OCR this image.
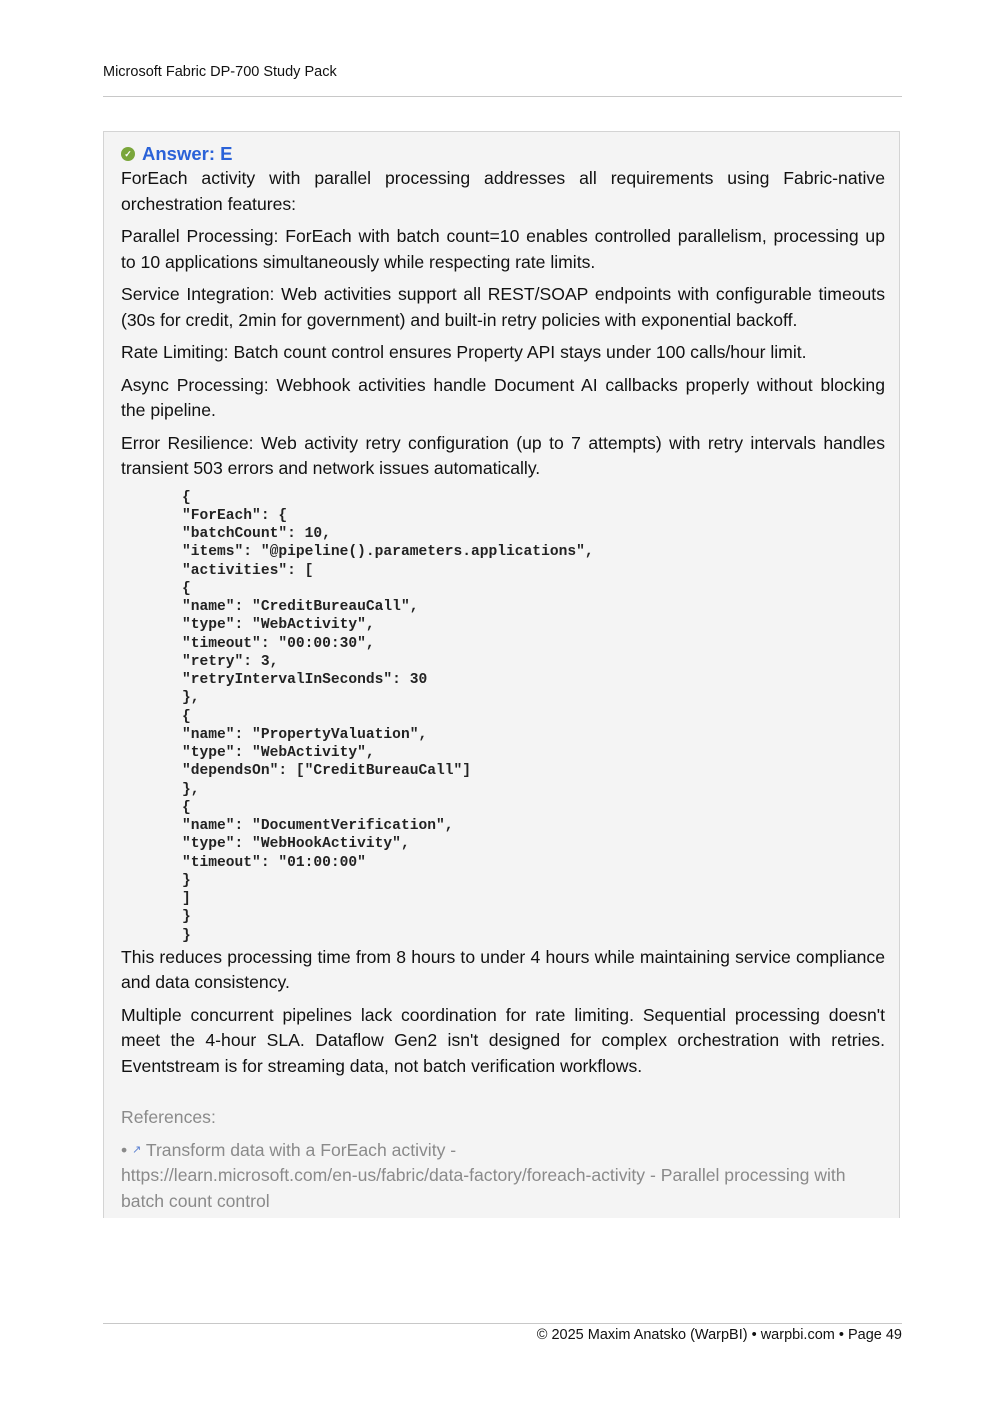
Microsoft Fabric DP-700 Study Pack
✓ Answer: E

ForEach activity with parallel processing addresses all requirements using Fabric-native orchestration features:

Parallel Processing: ForEach with batch count=10 enables controlled parallelism, processing up to 10 applications simultaneously while respecting rate limits.

Service Integration: Web activities support all REST/SOAP endpoints with configurable timeouts (30s for credit, 2min for government) and built-in retry policies with exponential backoff.

Rate Limiting: Batch count control ensures Property API stays under 100 calls/hour limit.

Async Processing: Webhook activities handle Document AI callbacks properly without blocking the pipeline.

Error Resilience: Web activity retry configuration (up to 7 attempts) with retry intervals handles transient 503 errors and network issues automatically.

{
"ForEach": {
"batchCount": 10,
"items": "@pipeline().parameters.applications",
"activities": [
{
"name": "CreditBureauCall",
"type": "WebActivity",
"timeout": "00:00:30",
"retry": 3,
"retryIntervalInSeconds": 30
},
{
"name": "PropertyValuation",
"type": "WebActivity",
"dependsOn": ["CreditBureauCall"]
},
{
"name": "DocumentVerification",
"type": "WebHookActivity",
"timeout": "01:00:00"
}
]
}
}

This reduces processing time from 8 hours to under 4 hours while maintaining service compliance and data consistency.

Multiple concurrent pipelines lack coordination for rate limiting. Sequential processing doesn't meet the 4-hour SLA. Dataflow Gen2 isn't designed for complex orchestration with retries. Eventstream is for streaming data, not batch verification workflows.

References:
• ↗ Transform data with a ForEach activity -
https://learn.microsoft.com/en-us/fabric/data-factory/foreach-activity - Parallel processing with batch count control
© 2025 Maxim Anatsko (WarpBI) • warpbi.com • Page 49
